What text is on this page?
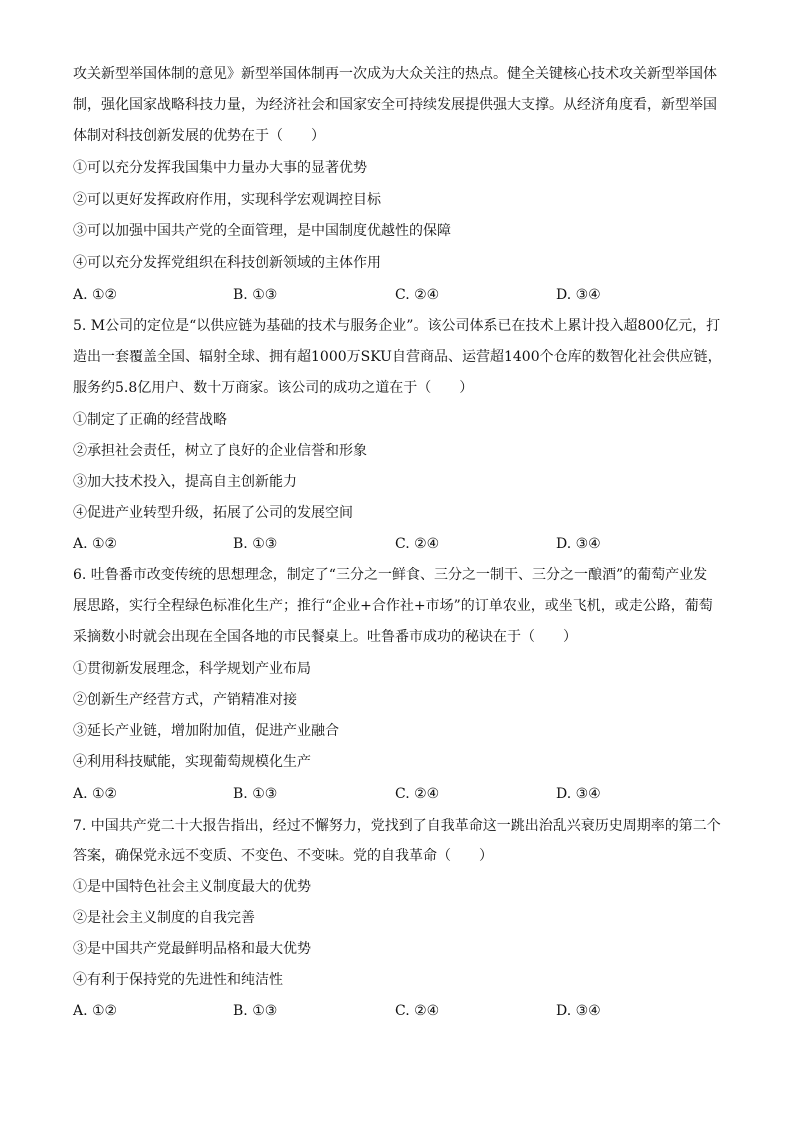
攻关新型举国体制的意见》新型举国体制再一次成为大众关注的热点。健全关键核心技术攻关新型举国体
制，强化国家战略科技力量，为经济社会和国家安全可持续发展提供强大支撑。从经济角度看，新型举国
体制对科技创新发展的优势在于（　　）
①可以充分发挥我国集中力量办大事的显著优势
②可以更好发挥政府作用，实现科学宏观调控目标
③可以加强中国共产党的全面管理，是中国制度优越性的保障
④可以充分发挥党组织在科技创新领域的主体作用
A. ①②	B. ①③	C. ②④	D. ③④
5. M公司的定位是“以供应链为基础的技术与服务企业”。该公司体系已在技术上累计投入超800亿元，打
造出一套覆盖全国、辐射全球、拥有超1000万SKU自营商品、运营超1400个仓库的数智化社会供应链，
服务约5.8亿用户、数十万商家。该公司的成功之道在于（　　）
①制定了正确的经营战略
②承担社会责任，树立了良好的企业信誉和形象
③加大技术投入，提高自主创新能力
④促进产业转型升级，拓展了公司的发展空间
A. ①②	B. ①③	C. ②④	D. ③④
6. 吐鲁番市改变传统的思想理念，制定了“三分之一鲜食、三分之一制干、三分之一酿酒”的葡萄产业发
展思路，实行全程绿色标准化生产；推行“企业+合作社+市场”的订单农业，或坐飞机，或走公路，葡萄
采摘数小时就会出现在全国各地的市民餐桌上。吐鲁番市成功的秘诀在于（　　）
①贯彻新发展理念，科学规划产业布局
②创新生产经营方式，产销精准对接
③延长产业链，增加附加值，促进产业融合
④利用科技赋能，实现葡萄规模化生产
A. ①②	B. ①③	C. ②④	D. ③④
7. 中国共产党二十大报告指出，经过不懈努力，党找到了自我革命这一跳出治乱兴衰历史周期率的第二个
答案，确保党永远不变质、不变色、不变味。党的自我革命（　　）
①是中国特色社会主义制度最大的优势
②是社会主义制度的自我完善
③是中国共产党最鲜明品格和最大优势
④有利于保持党的先进性和纯洁性
A. ①②	B. ①③	C. ②④	D. ③④
